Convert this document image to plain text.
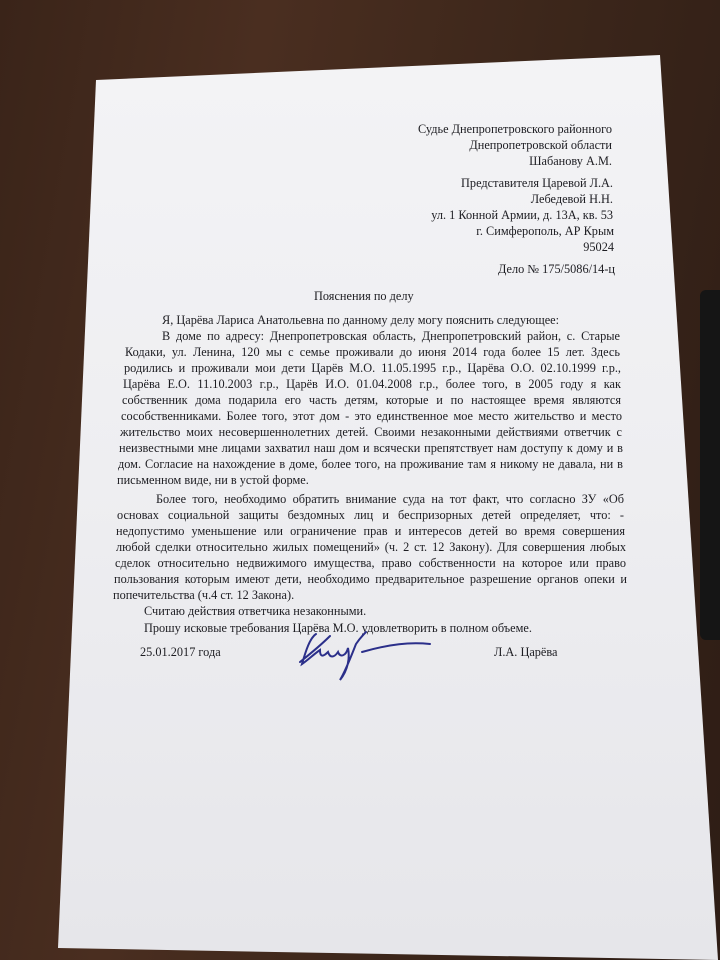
Судье Днепропетровского районного
Днепропетровской области
Шабанову А.М.
Представителя Царевой Л.А.
Лебедевой Н.Н.
ул. 1 Конной Армии, д. 13А, кв. 53
г. Симферополь, АР Крым
95024
Дело № 175/5086/14-ц
Пояснения по делу
Я, Царёва Лариса Анатольевна по данному делу могу пояснить следующее:
В доме по адресу: Днепропетровская область, Днепропетровский район, с. Старые
Кодаки, ул. Ленина, 120 мы с семье проживали до июня 2014 года более 15 лет. Здесь
родились и проживали мои дети Царёв М.О. 11.05.1995 г.р., Царёва О.О. 02.10.1999 г.р.,
Царёва Е.О. 11.10.2003 г.р., Царёв И.О. 01.04.2008 г.р., более того, в 2005 году я как
собственник дома подарила его часть детям, которые и по настоящее время являются
сособственниками. Более того, этот дом - это единственное мое место жительство и место
жительство моих несовершеннолетних детей. Своими незаконными действиями ответчик с
неизвестными мне лицами захватил наш дом и всячески препятствует нам доступу к дому и в
дом. Согласие на нахождение в доме, более того, на проживание там я никому не давала, ни в
письменном виде, ни в устой форме.
Более того, необходимо обратить внимание суда на тот факт, что согласно ЗУ «Об
основах социальной защиты бездомных лиц и беспризорных детей определяет, что: -
недопустимо уменьшение или ограничение прав и интересов детей во время совершения
любой сделки относительно жилых помещений» (ч. 2 ст. 12 Закону). Для совершения любых
сделок относительно недвижимого имущества, право собственности на которое или право
пользования которым имеют дети, необходимо предварительное разрешение органов опеки и
попечительства (ч.4 ст. 12 Закона).
Считаю действия ответчика незаконными.
Прошу исковые требования Царёва М.О. удовлетворить в полном объеме.
25.01.2017 года	Л.А. Царёва
